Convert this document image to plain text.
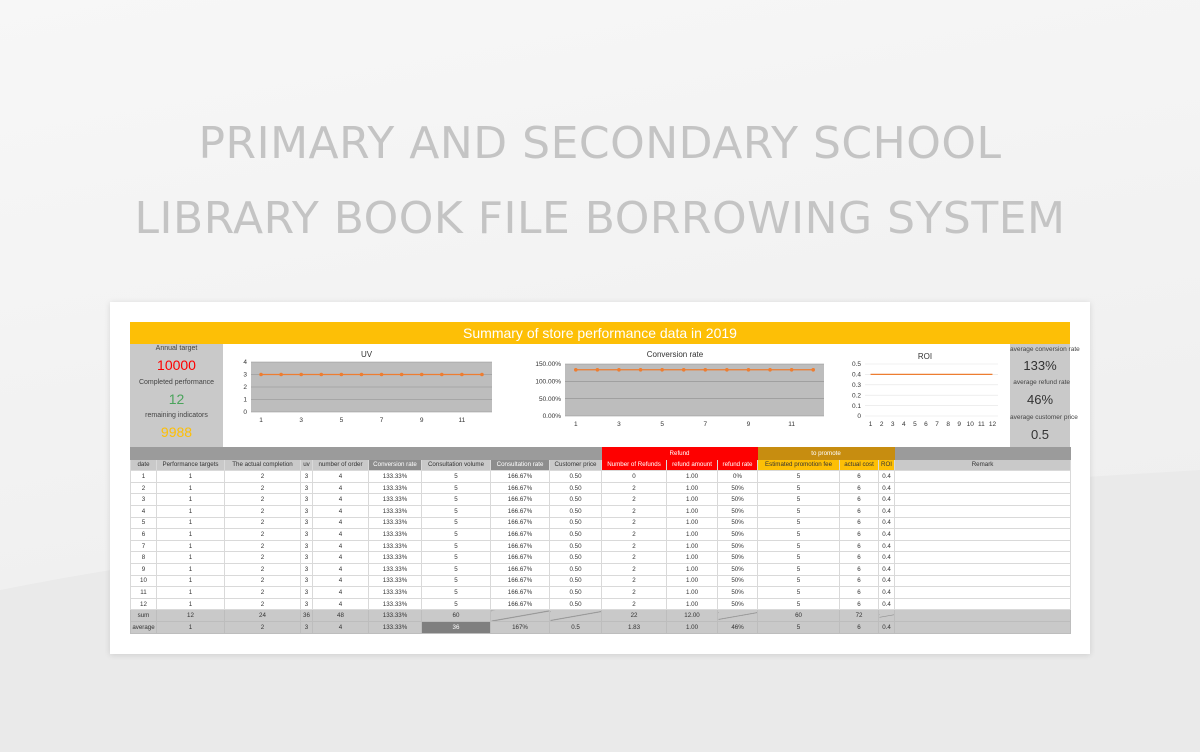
PRIMARY AND SECONDARY SCHOOL
LIBRARY BOOK FILE BORROWING SYSTEM
Summary of store performance data in 2019
Annual target
10000
Completed performance
12
remaining indicators
9988
UV
0
1
2
3
4
1	3	5	7	9	11
Conversion rate
0.00%
50.00%
100.00%
150.00%
1	3	5	7	9	11
ROI
0
0.1
0.2
0.3
0.4
0.5
1 2 3 4 5 6 7 8 9 10 11 12
average conversion rate
133%
average refund rate
46%
average customer price
0.5
									Refund			to promote			
date	Performance targets	The actual completion	uv	number of order	Conversion rate	Consultation volume	Consultation rate	Customer price	Number of Refunds	refund amount	refund rate	Estimated promotion fee	actual cost	ROI	Remark
1	1	2	3	4	133.33%	5	166.67%	0.50	0	1.00	0%	5	6	0.4	
2	1	2	3	4	133.33%	5	166.67%	0.50	2	1.00	50%	5	6	0.4	
3	1	2	3	4	133.33%	5	166.67%	0.50	2	1.00	50%	5	6	0.4	
4	1	2	3	4	133.33%	5	166.67%	0.50	2	1.00	50%	5	6	0.4	
5	1	2	3	4	133.33%	5	166.67%	0.50	2	1.00	50%	5	6	0.4	
6	1	2	3	4	133.33%	5	166.67%	0.50	2	1.00	50%	5	6	0.4	
7	1	2	3	4	133.33%	5	166.67%	0.50	2	1.00	50%	5	6	0.4	
8	1	2	3	4	133.33%	5	166.67%	0.50	2	1.00	50%	5	6	0.4	
9	1	2	3	4	133.33%	5	166.67%	0.50	2	1.00	50%	5	6	0.4	
10	1	2	3	4	133.33%	5	166.67%	0.50	2	1.00	50%	5	6	0.4	
11	1	2	3	4	133.33%	5	166.67%	0.50	2	1.00	50%	5	6	0.4	
12	1	2	3	4	133.33%	5	166.67%	0.50	2	1.00	50%	5	6	0.4	
sum	12	24	36	48	133.33%	60			22	12.00		60	72		
average	1	2	3	4	133.33%	36	167%	0.5	1.83	1.00	46%	5	6	0.4	
